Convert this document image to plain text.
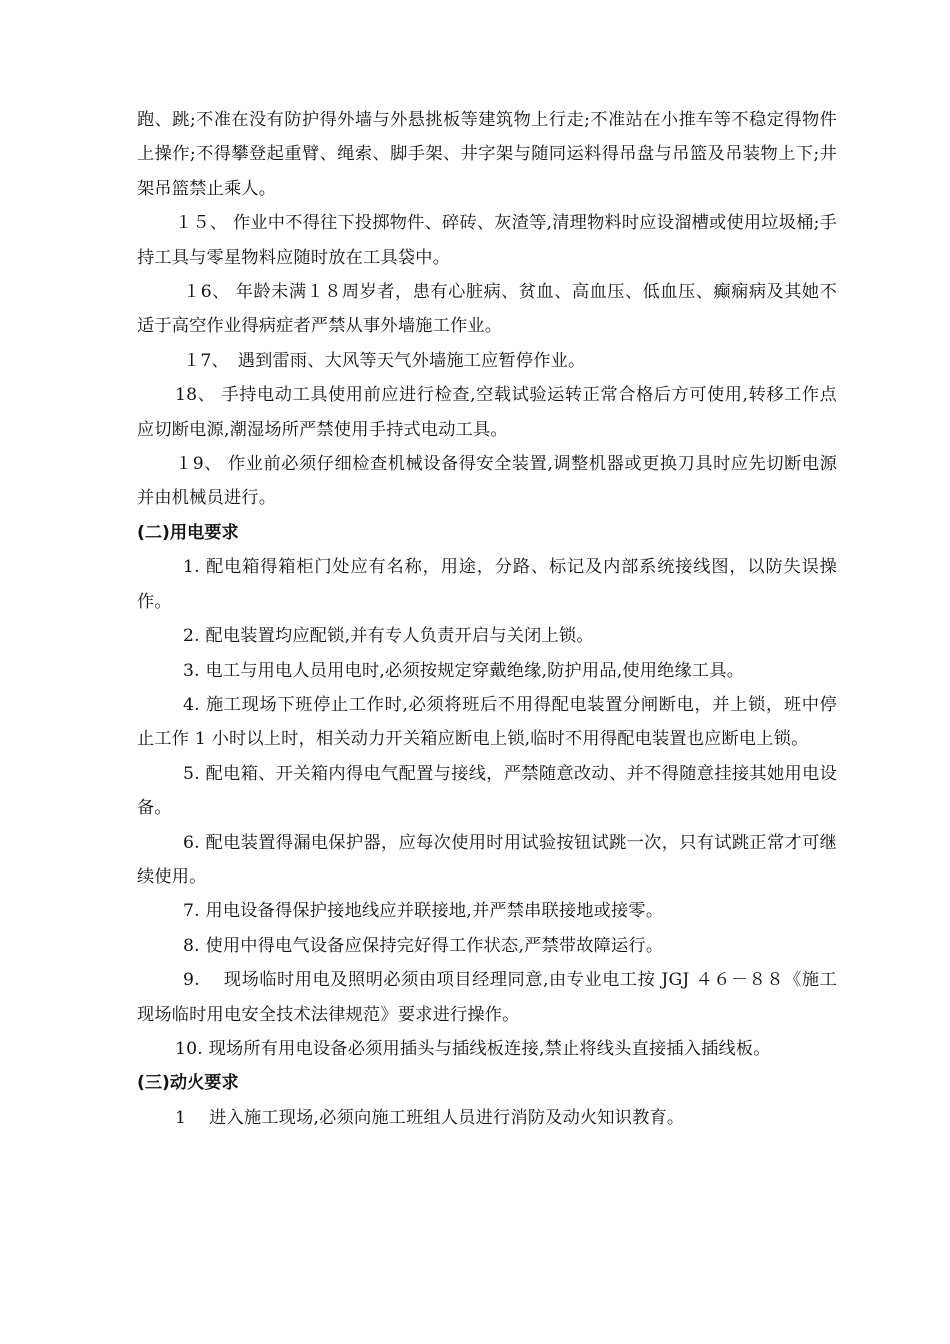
跑、跳;不准在没有防护得外墙与外悬挑板等建筑物上行走;不准站在小推车等不稳定得物件上操作;不得攀登起重臂、绳索、脚手架、井字架与随同运料得吊盘与吊篮及吊装物上下;井架吊篮禁止乘人。

１５、 作业中不得往下投掷物件、碎砖、灰渣等,清理物料时应设溜槽或使用垃圾桶;手持工具与零星物料应随时放在工具袋中。

１6、 年龄未满１８周岁者，患有心脏病、贫血、高血压、低血压、癫痫病及其她不适于高空作业得病症者严禁从事外墙施工作业。

１7、　遇到雷雨、大风等天气外墙施工应暂停作业。

18、 手持电动工具使用前应进行检查,空载试验运转正常合格后方可使用,转移工作点应切断电源,潮湿场所严禁使用手持式电动工具。

１9、 作业前必须仔细检查机械设备得安全装置,调整机器或更换刀具时应先切断电源并由机械员进行。

(二)用电要求

1. 配电箱得箱柜门处应有名称，用途，分路、标记及内部系统接线图，以防失误操作。

2. 配电装置均应配锁,并有专人负责开启与关闭上锁。

3. 电工与用电人员用电时,必须按规定穿戴绝缘,防护用品,使用绝缘工具。

4. 施工现场下班停止工作时,必须将班后不用得配电装置分闸断电，并上锁，班中停止工作 1 小时以上时，相关动力开关箱应断电上锁,临时不用得配电装置也应断电上锁。

5. 配电箱、开关箱内得电气配置与接线，严禁随意改动、并不得随意挂接其她用电设备。

6. 配电装置得漏电保护器，应每次使用时用试验按钮试跳一次，只有试跳正常才可继续使用。

7. 用电设备得保护接地线应并联接地,并严禁串联接地或接零。

8. 使用中得电气设备应保持完好得工作状态,严禁带故障运行。

9.　 现场临时用电及照明必须由项目经理同意,由专业电工按 JGJ ４６－８８《施工现场临时用电安全技术法律规范》要求进行操作。

10. 现场所有用电设备必须用插头与插线板连接,禁止将线头直接插入插线板。

(三)动火要求

1　 进入施工现场,必须向施工班组人员进行消防及动火知识教育。
